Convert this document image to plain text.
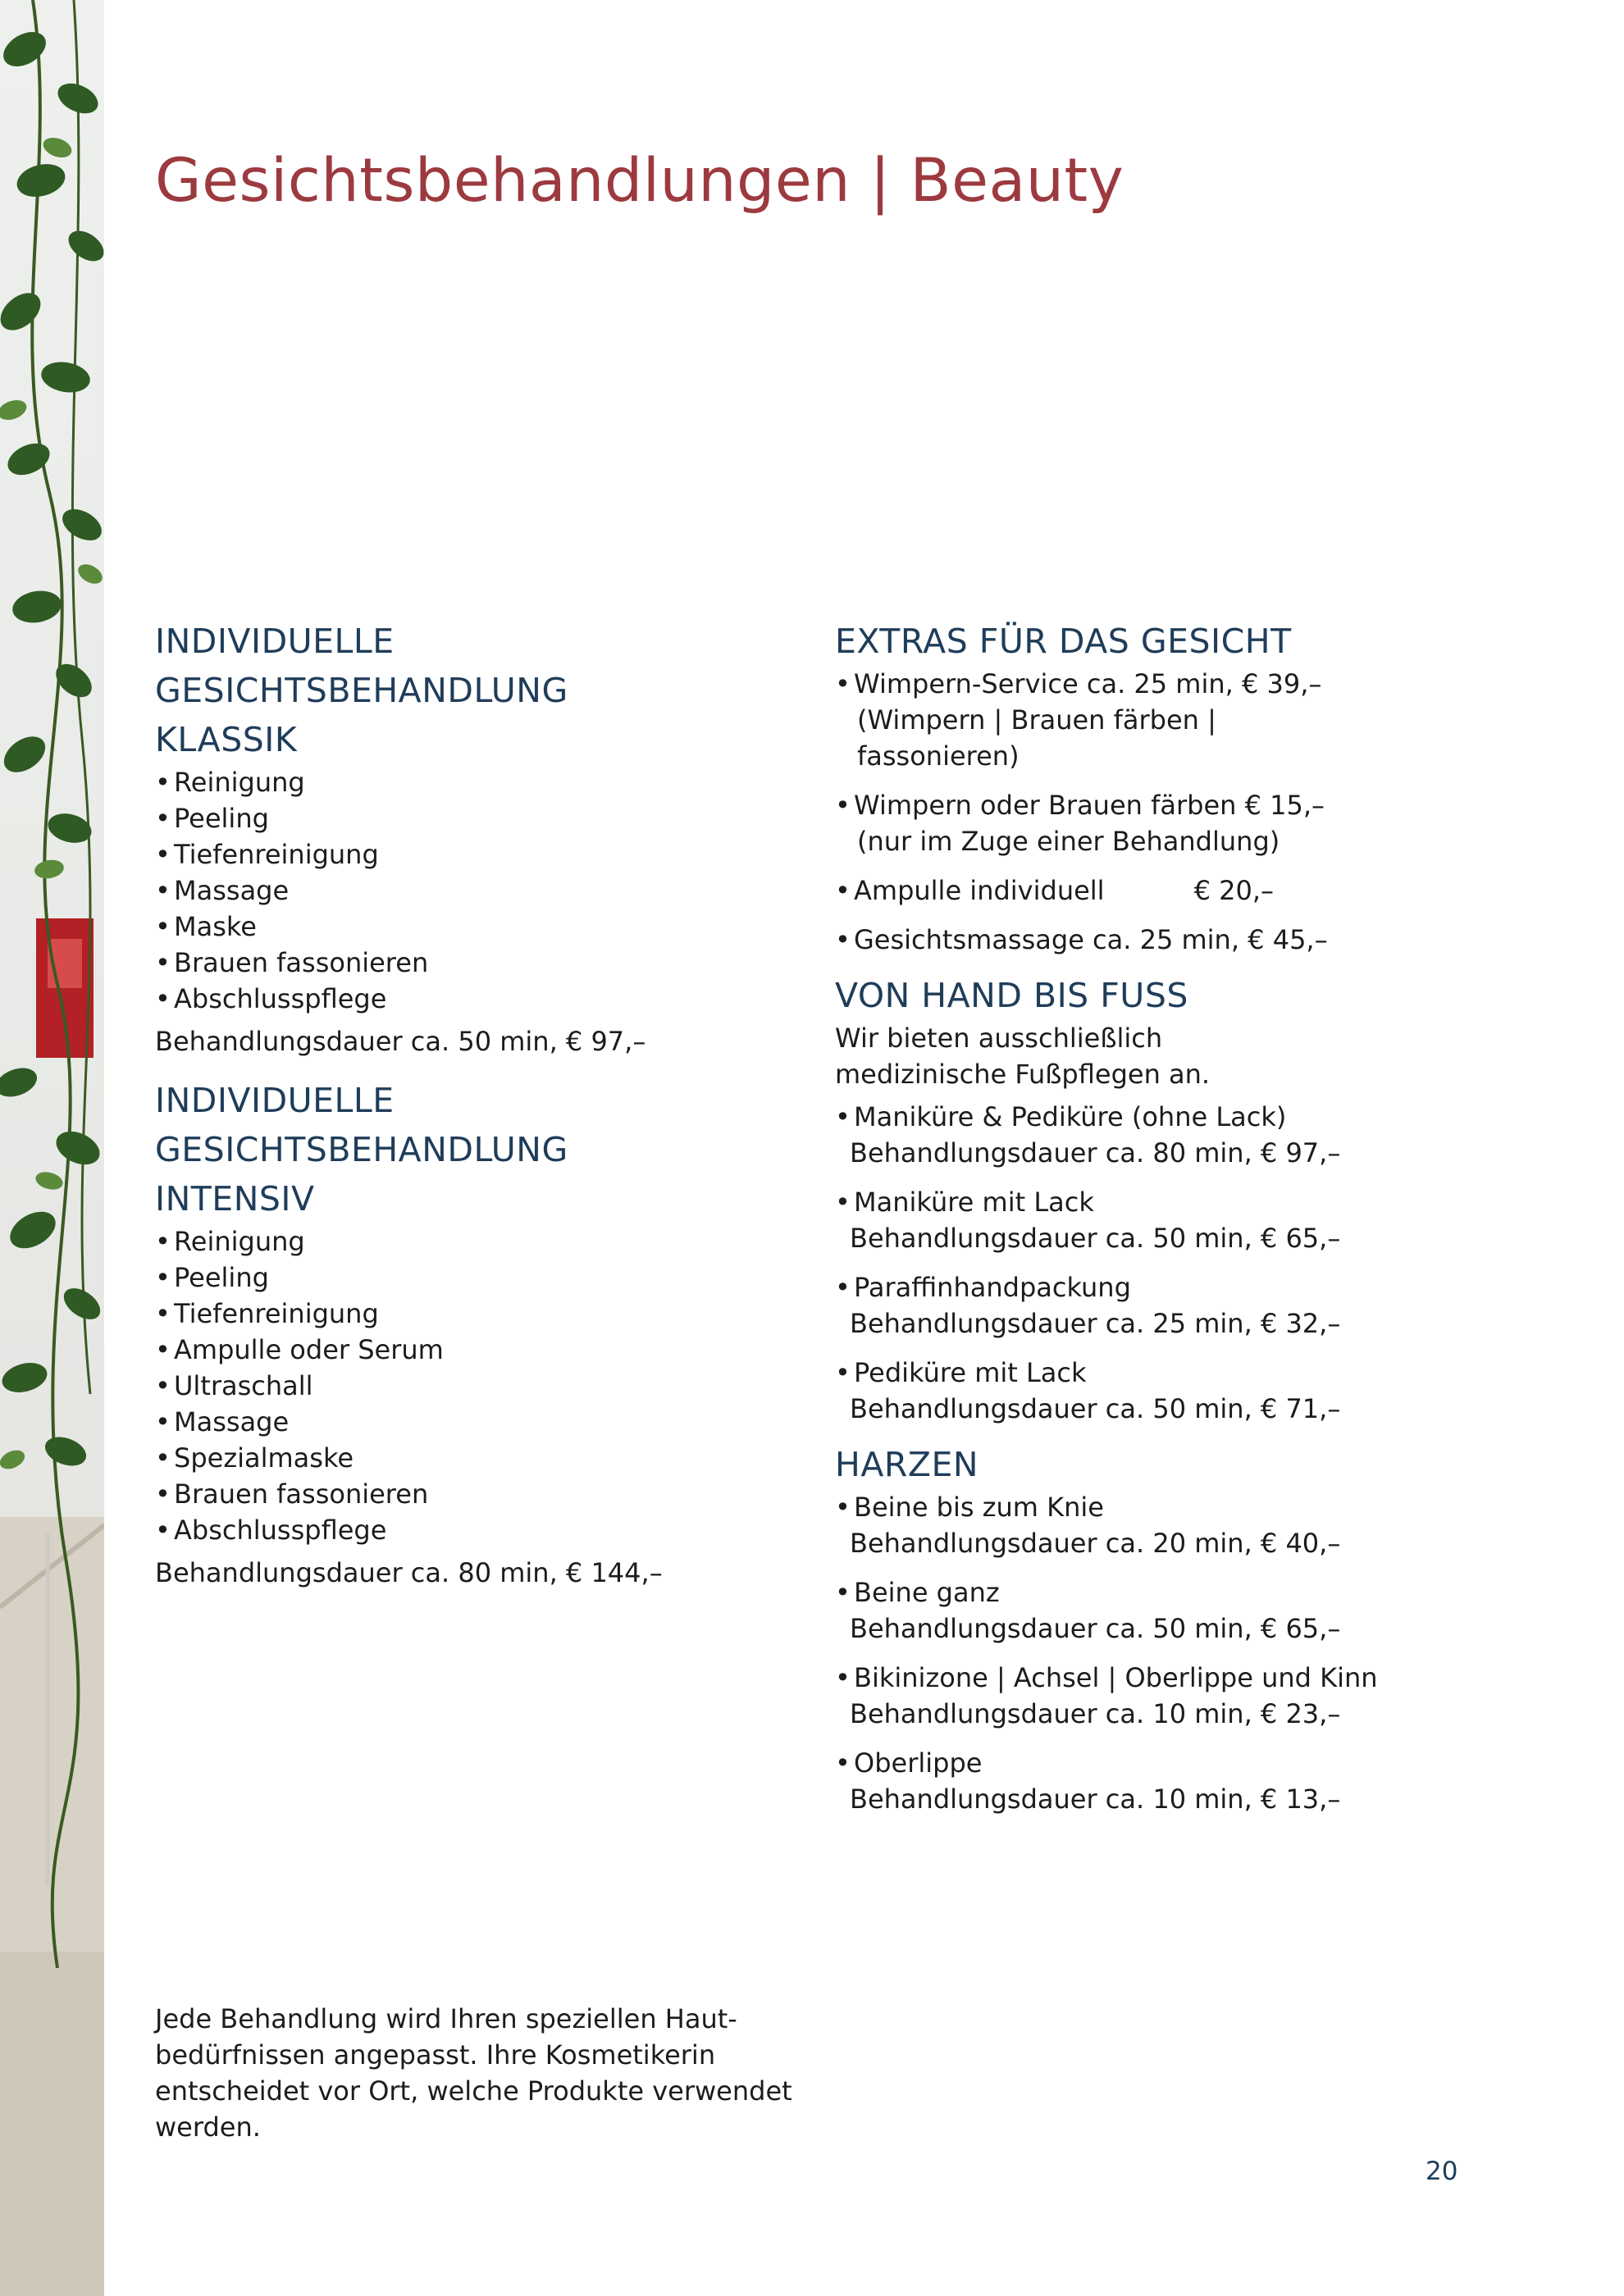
Gesichtsbehandlungen | Beauty
INDIVIDUELLE GESICHTSBEHANDLUNG
KLASSIK
• Reinigung
• Peeling
• Tiefenreinigung
• Massage
• Maske
• Brauen fassonieren
• Abschlusspflege

Behandlungsdauer ca. 50 min, € 97,–

INDIVIDUELLE GESICHTSBEHANDLUNG
INTENSIV
• Reinigung
• Peeling
• Tiefenreinigung
• Ampulle oder Serum
• Ultraschall
• Massage
• Spezialmaske
• Brauen fassonieren
• Abschlusspflege

Behandlungsdauer ca. 80 min, € 144,–

EXTRAS FÜR DAS GESICHT

• Wimpern-Service ca. 25 min, € 39,–

(Wimpern | Brauen färben |

fassonieren)

• Wimpern oder Brauen färben € 15,–

(nur im Zuge einer Behandlung)

• Ampulle individuell	€ 20,–

• Gesichtsmassage ca. 25 min, € 45,–

VON HAND BIS FUSS

Wir bieten ausschließlich

medizinische Fußpflegen an.

• Maniküre & Pediküre (ohne Lack)

Behandlungsdauer ca. 80 min, € 97,–

• Maniküre mit Lack

Behandlungsdauer ca. 50 min, € 65,–

• Paraffinhandpackung

Behandlungsdauer ca. 25 min, € 32,–

• Pediküre mit Lack

Behandlungsdauer ca. 50 min, € 71,–

HARZEN

• Beine bis zum Knie

Behandlungsdauer ca. 20 min, € 40,–

• Beine ganz

Behandlungsdauer ca. 50 min, € 65,–

• Bikinizone | Achsel | Oberlippe und Kinn

Behandlungsdauer ca. 10 min, € 23,–

• Oberlippe

Behandlungsdauer ca. 10 min, € 13,–

Jede Behandlung wird Ihren speziellen Haut-

bedürfnissen angepasst. Ihre Kosmetikerin

entscheidet vor Ort, welche Produkte verwendet

werden.

20
